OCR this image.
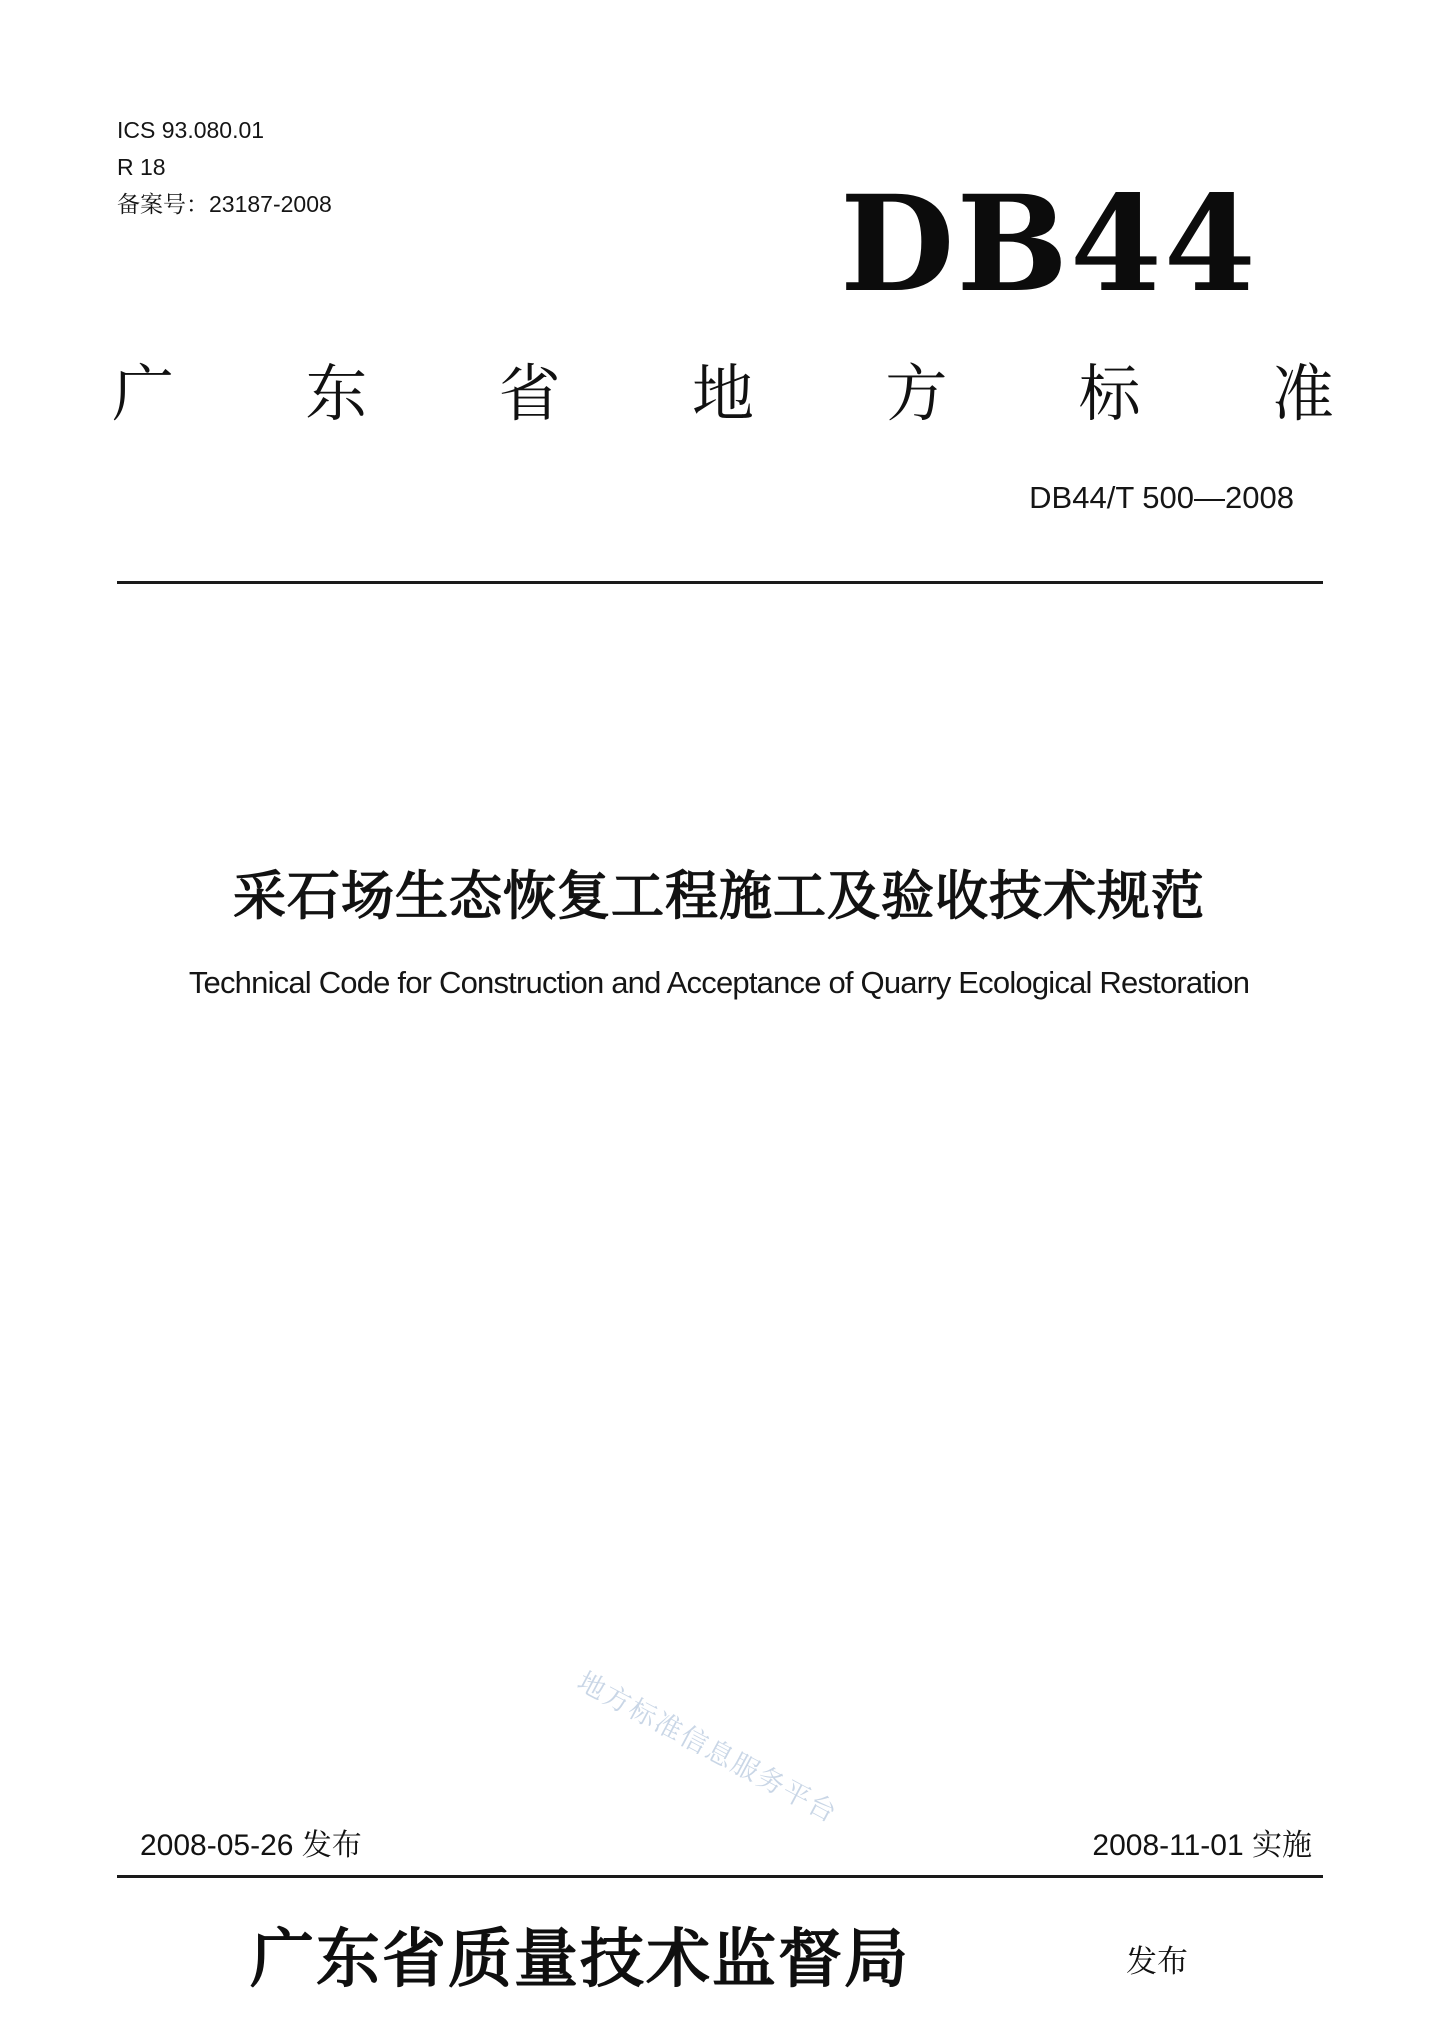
ICS 93.080.01
R 18
备案号：23187-2008	DB44
广 东 省 地 方 标 准
DB44/T 500—2008
采石场生态恢复工程施工及验收技术规范
Technical Code for Construction and Acceptance of Quarry Ecological Restoration
地方标准信息服务平台
2008-05-26 发布	2008-11-01 实施
广东省质量技术监督局	发布
